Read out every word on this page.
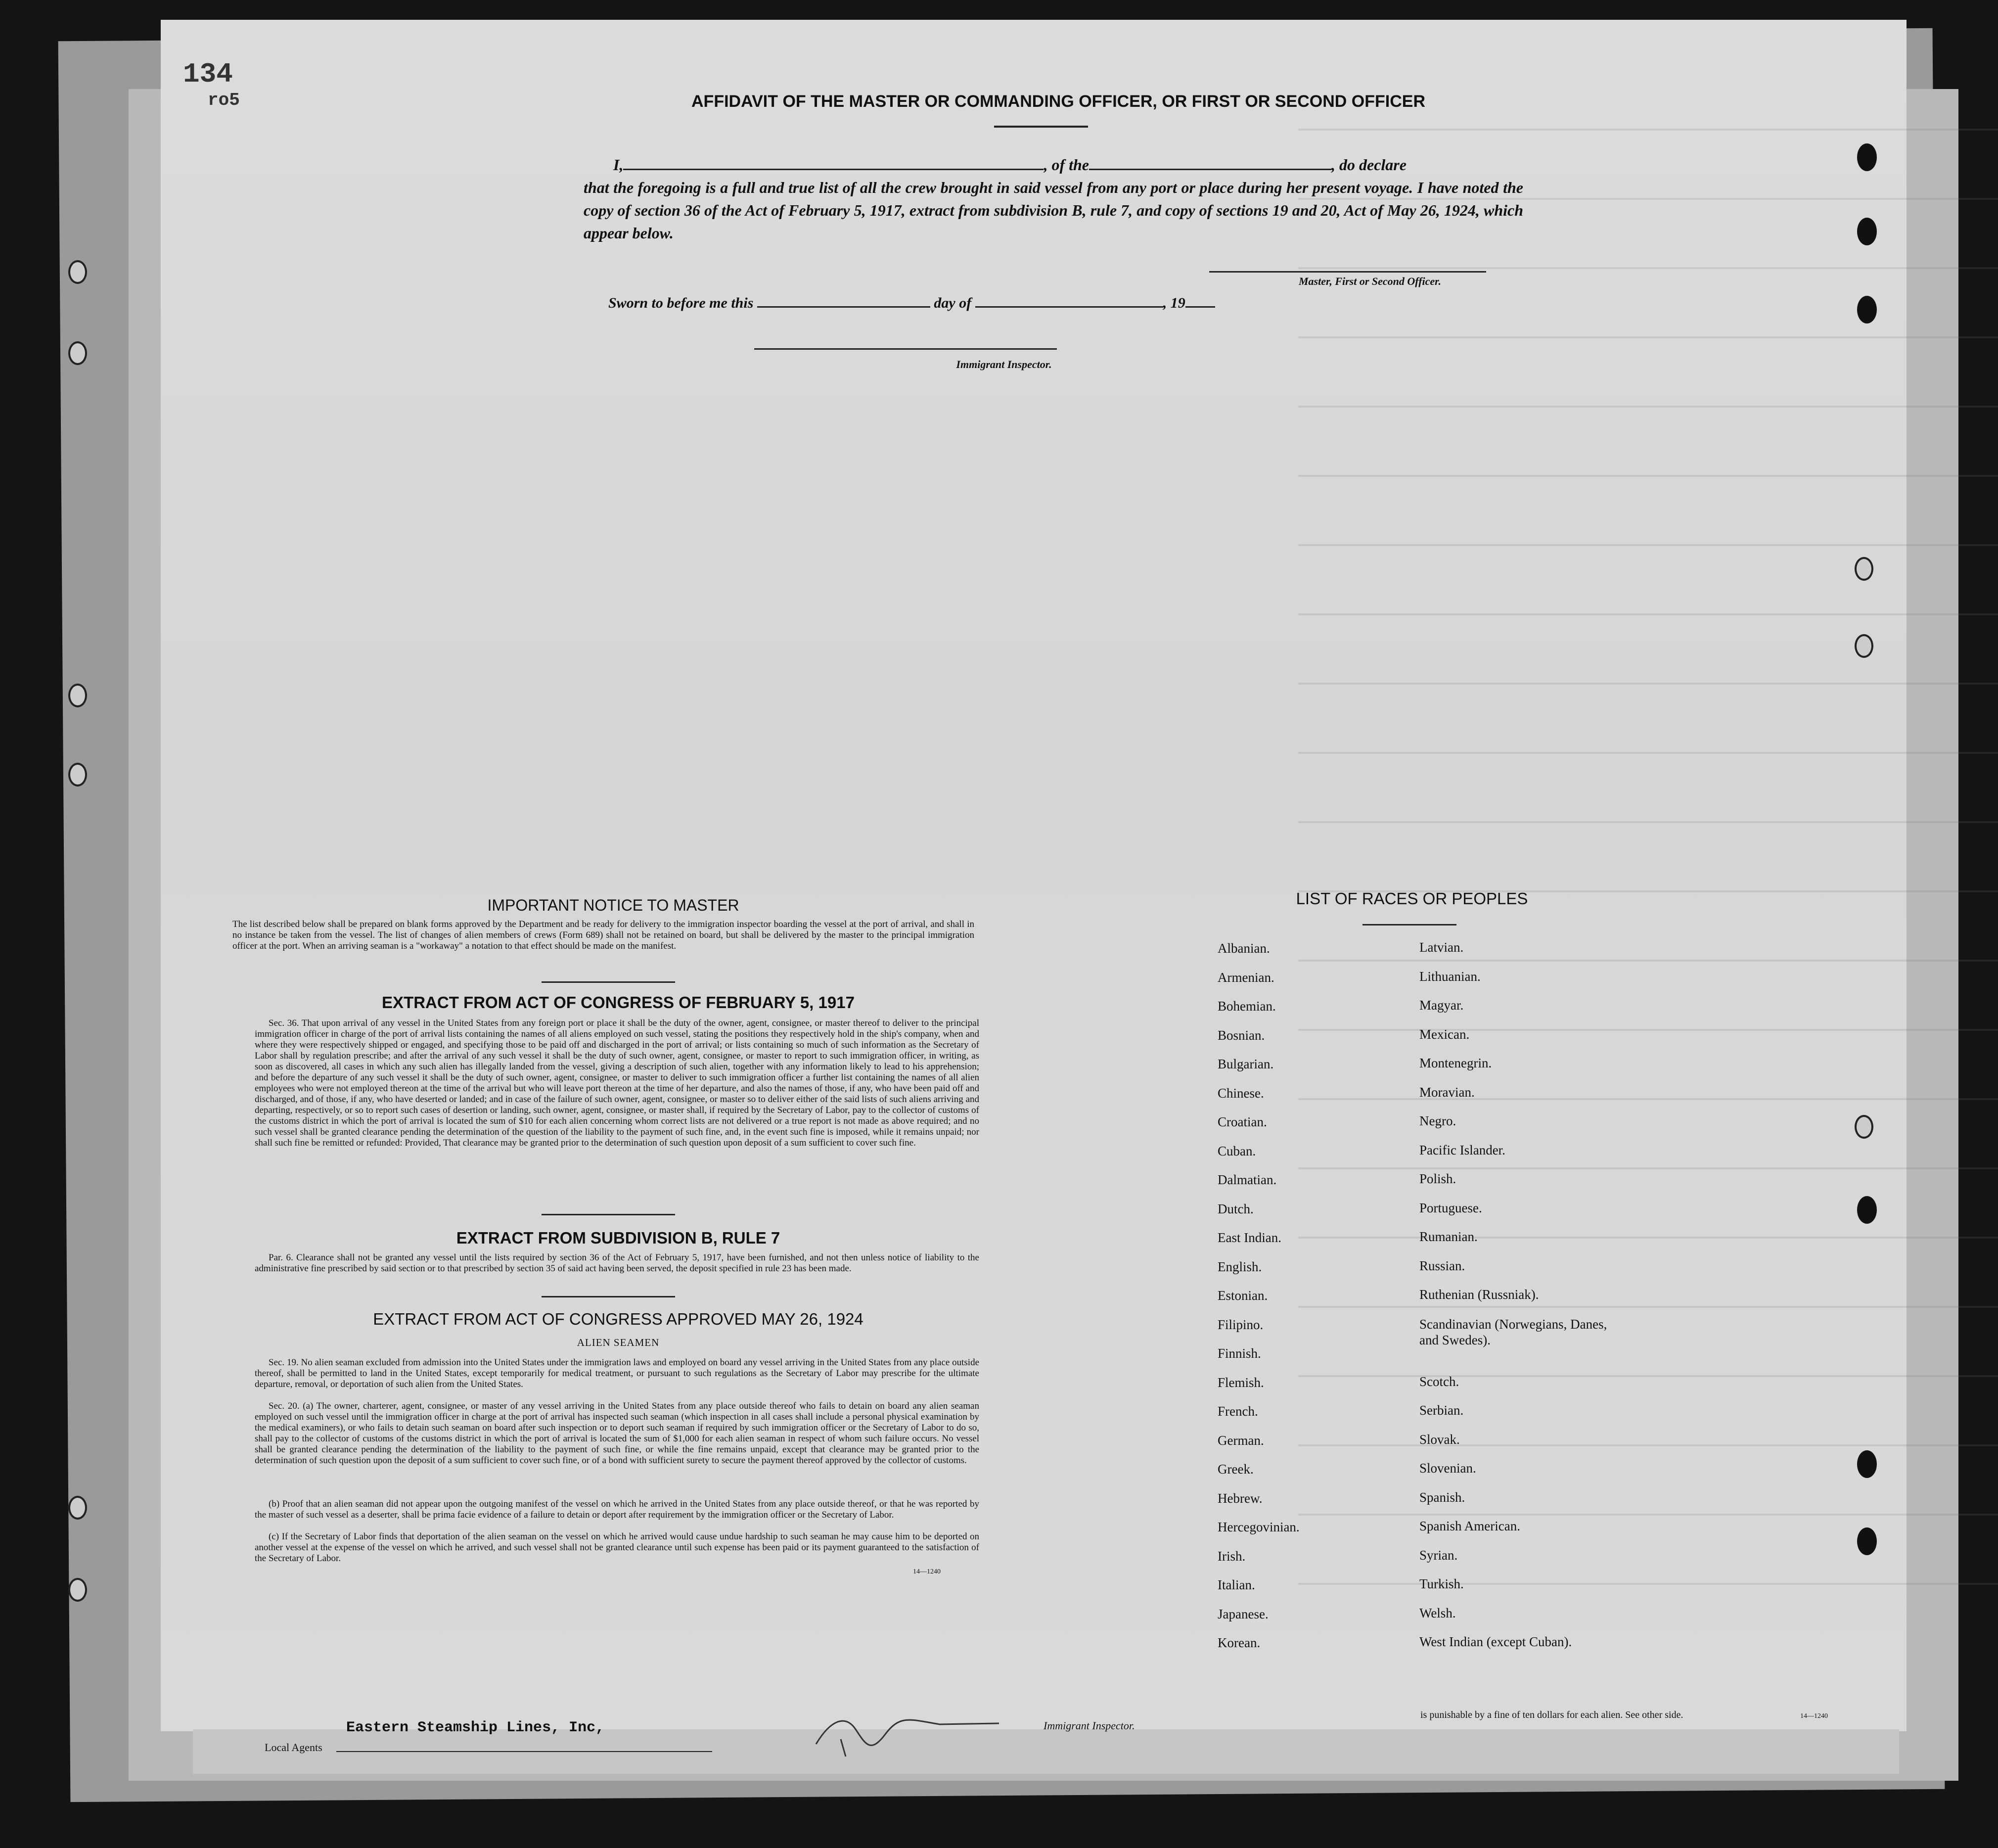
134
ro5	AFFIDAVIT OF THE MASTER OR COMMANDING OFFICER, OR FIRST OR SECOND OFFICER
I,	, of the	, do declare
that the foregoing is a full and true list of all the crew brought in said vessel from any port or place during her present voyage. I have noted the copy of section 36 of the Act of February 5, 1917, extract from subdivision B, rule 7, and copy of sections 19 and 20, Act of May 26, 1924, which appear below.
Master, First or Second Officer.
Sworn to before me this	day of	, 19
Immigrant Inspector.
IMPORTANT NOTICE TO MASTER
The list described below shall be prepared on blank forms approved by the Department and be ready for delivery to the immigration inspector boarding the vessel at the port of arrival, and shall in no instance be taken from the vessel. The list of changes of alien members of crews (Form 689) shall not be retained on board, but shall be delivered by the master to the principal immigration officer at the port. When an arriving seaman is a "workaway" a notation to that effect should be made on the manifest.
EXTRACT FROM ACT OF CONGRESS OF FEBRUARY 5, 1917
Sec. 36. That upon arrival of any vessel in the United States from any foreign port or place it shall be the duty of the owner, agent, consignee, or master thereof to deliver to the principal immigration officer in charge of the port of arrival lists containing the names of all aliens employed on such vessel, stating the positions they respectively hold in the ship's company, when and where they were respectively shipped or engaged, and specifying those to be paid off and discharged in the port of arrival; or lists containing so much of such information as the Secretary of Labor shall by regulation prescribe; and after the arrival of any such vessel it shall be the duty of such owner, agent, consignee, or master to report to such immigration officer, in writing, as soon as discovered, all cases in which any such alien has illegally landed from the vessel, giving a description of such alien, together with any information likely to lead to his apprehension; and before the departure of any such vessel it shall be the duty of such owner, agent, consignee, or master to deliver to such immigration officer a further list containing the names of all alien employees who were not employed thereon at the time of the arrival but who will leave port thereon at the time of her departure, and also the names of those, if any, who have been paid off and discharged, and of those, if any, who have deserted or landed; and in case of the failure of such owner, agent, consignee, or master so to deliver either of the said lists of such aliens arriving and departing, respectively, or so to report such cases of desertion or landing, such owner, agent, consignee, or master shall, if required by the Secretary of Labor, pay to the collector of customs of the customs district in which the port of arrival is located the sum of $10 for each alien concerning whom correct lists are not delivered or a true report is not made as above required; and no such vessel shall be granted clearance pending the determination of the question of the liability to the payment of such fine, and, in the event such fine is imposed, while it remains unpaid; nor shall such fine be remitted or refunded: Provided, That clearance may be granted prior to the determination of such question upon deposit of a sum sufficient to cover such fine.
EXTRACT FROM SUBDIVISION B, RULE 7
Par. 6. Clearance shall not be granted any vessel until the lists required by section 36 of the Act of February 5, 1917, have been furnished, and not then unless notice of liability to the administrative fine prescribed by said section or to that prescribed by section 35 of said act having been served, the deposit specified in rule 23 has been made.
EXTRACT FROM ACT OF CONGRESS APPROVED MAY 26, 1924
ALIEN SEAMEN
Sec. 19. No alien seaman excluded from admission into the United States under the immigration laws and employed on board any vessel arriving in the United States from any place outside thereof, shall be permitted to land in the United States, except temporarily for medical treatment, or pursuant to such regulations as the Secretary of Labor may prescribe for the ultimate departure, removal, or deportation of such alien from the United States.
Sec. 20. (a) The owner, charterer, agent, consignee, or master of any vessel arriving in the United States from any place outside thereof who fails to detain on board any alien seaman employed on such vessel until the immigration officer in charge at the port of arrival has inspected such seaman (which inspection in all cases shall include a personal physical examination by the medical examiners), or who fails to detain such seaman on board after such inspection or to deport such seaman if required by such immigration officer or the Secretary of Labor to do so, shall pay to the collector of customs of the customs district in which the port of arrival is located the sum of $1,000 for each alien seaman in respect of whom such failure occurs. No vessel shall be granted clearance pending the determination of the liability to the payment of such fine, or while the fine remains unpaid, except that clearance may be granted prior to the determination of such question upon the deposit of a sum sufficient to cover such fine, or of a bond with sufficient surety to secure the payment thereof approved by the collector of customs.
(b) Proof that an alien seaman did not appear upon the outgoing manifest of the vessel on which he arrived in the United States from any place outside thereof, or that he was reported by the master of such vessel as a deserter, shall be prima facie evidence of a failure to detain or deport after requirement by the immigration officer or the Secretary of Labor.
(c) If the Secretary of Labor finds that deportation of the alien seaman on the vessel on which he arrived would cause undue hardship to such seaman he may cause him to be deported on another vessel at the expense of the vessel on which he arrived, and such vessel shall not be granted clearance until such expense has been paid or its payment guaranteed to the satisfaction of the Secretary of Labor.
14—1240
LIST OF RACES OR PEOPLES
Albanian.
Armenian.
Bohemian.
Bosnian.
Bulgarian.
Chinese.
Croatian.
Cuban.
Dalmatian.
Dutch.
East Indian.
English.
Estonian.
Filipino.
Finnish.
Flemish.
French.
German.
Greek.
Hebrew.
Hercegovinian.
Irish.
Italian.
Japanese.
Korean.
Latvian.
Lithuanian.
Magyar.
Mexican.
Montenegrin.
Moravian.
Negro.
Pacific Islander.
Polish.
Portuguese.
Rumanian.
Russian.
Ruthenian (Russniak).
Scandinavian (Norwegians, Danes, and Swedes).
Scotch.
Serbian.
Slovak.
Slovenian.
Spanish.
Spanish American.
Syrian.
Turkish.
Welsh.
West Indian (except Cuban).
Local Agents
Eastern Steamship Lines, Inc,	Immigrant Inspector.
is punishable by a fine of ten dollars for each alien. See other side.	14—1240
